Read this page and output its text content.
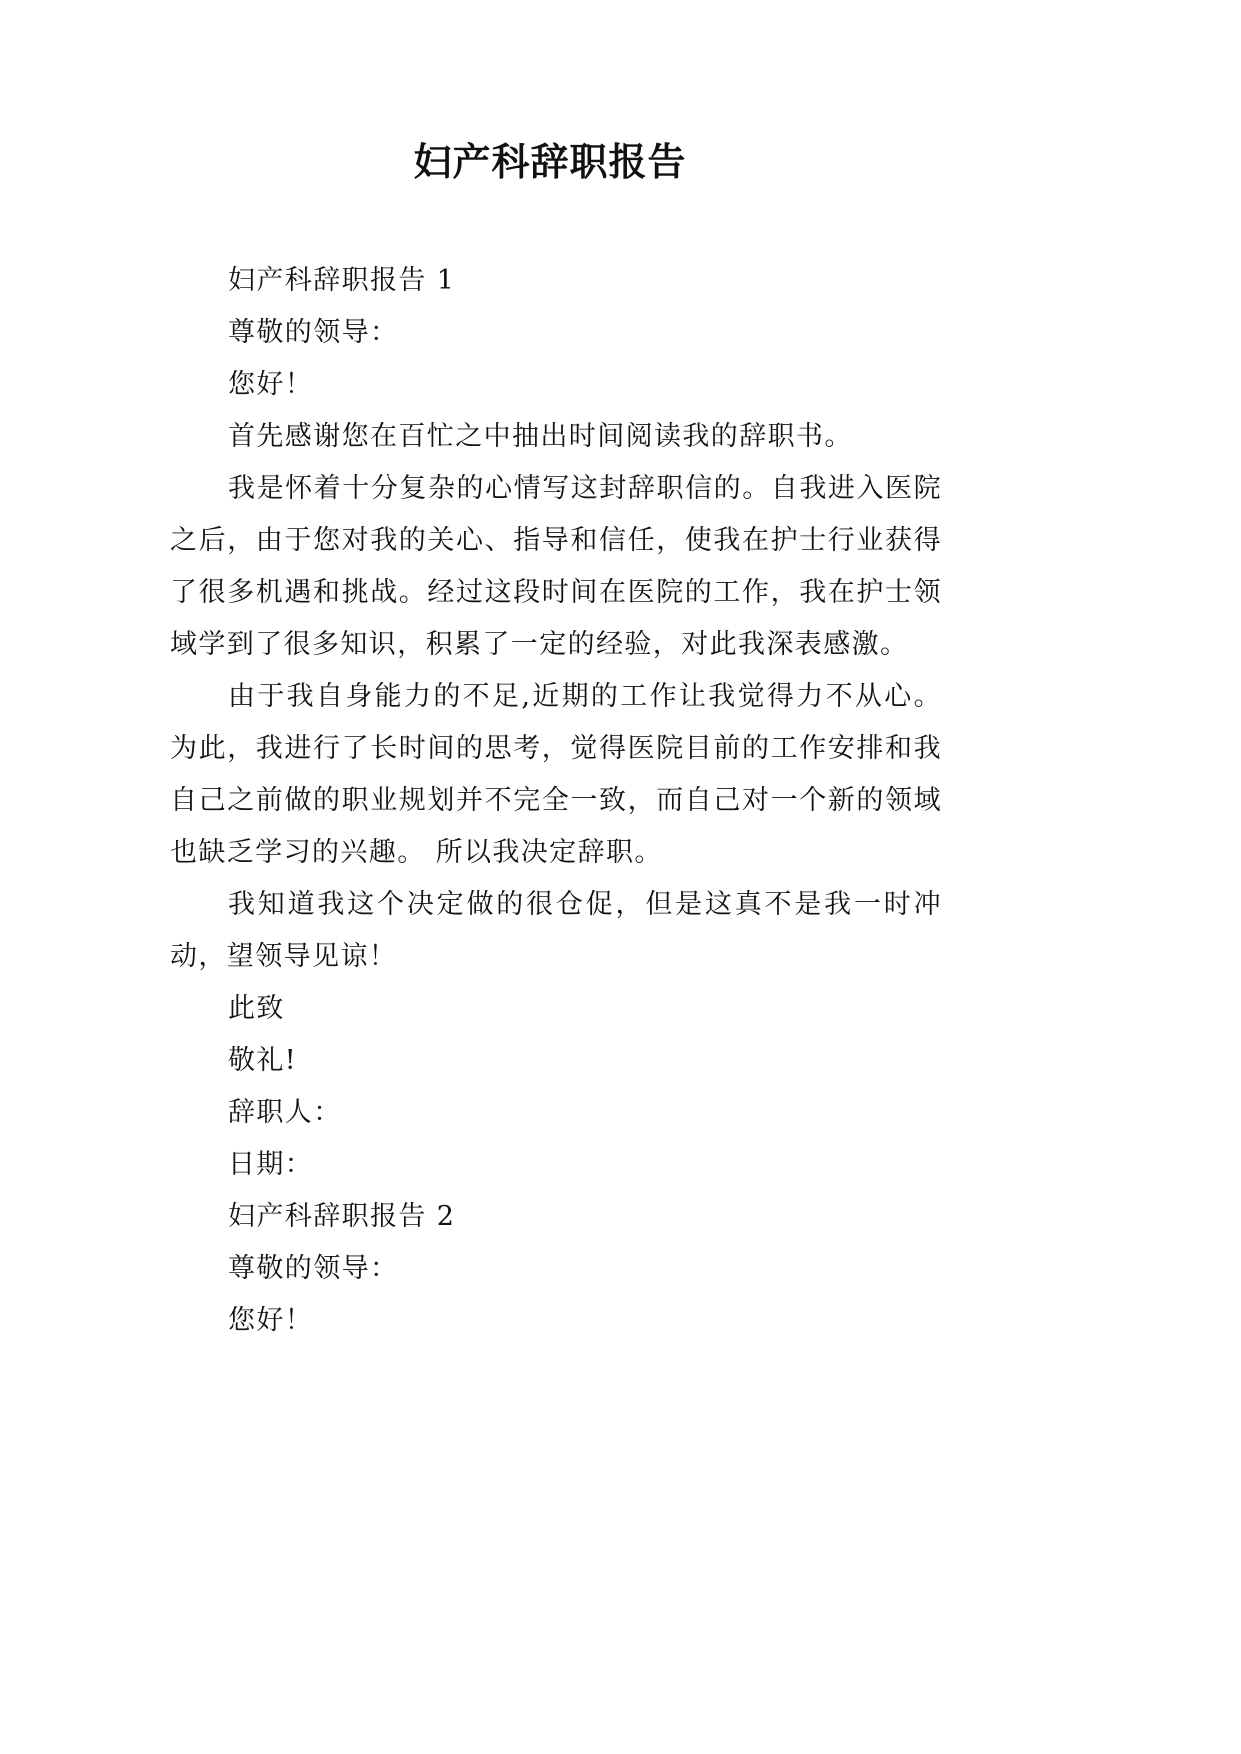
妇产科辞职报告

妇产科辞职报告 1

尊敬的领导：

您好！

首先感谢您在百忙之中抽出时间阅读我的辞职书。

我是怀着十分复杂的心情写这封辞职信的。自我进入医院之后，由于您对我的关心、指导和信任，使我在护士行业获得了很多机遇和挑战。经过这段时间在医院的工作，我在护士领域学到了很多知识，积累了一定的经验，对此我深表感激。

由于我自身能力的不足,近期的工作让我觉得力不从心。为此，我进行了长时间的思考，觉得医院目前的工作安排和我自己之前做的职业规划并不完全一致，而自己对一个新的领域也缺乏学习的兴趣。 所以我决定辞职。

我知道我这个决定做的很仓促，但是这真不是我一时冲动，望领导见谅！

此致

敬礼!

辞职人：

日期：

妇产科辞职报告 2

尊敬的领导：

您好！
